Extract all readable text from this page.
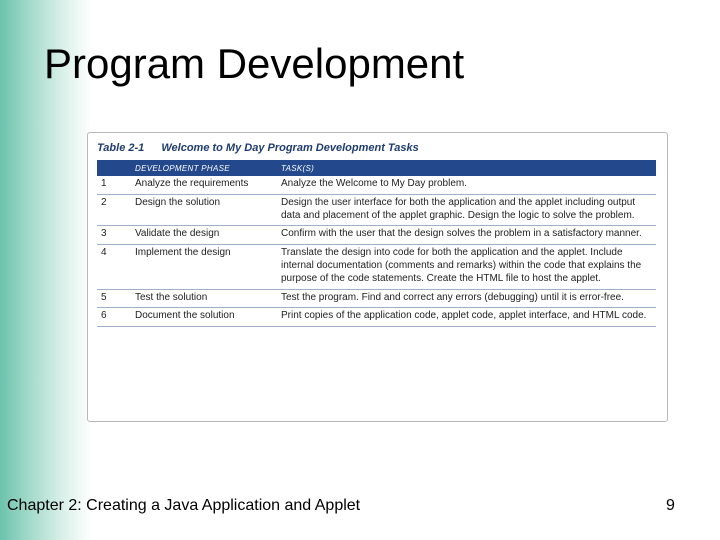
Program Development
Table 2-1 Welcome to My Day Program Development Tasks
	DEVELOPMENT PHASE	TASK(S)
1	Analyze the requirements	Analyze the Welcome to My Day problem.
2	Design the solution	Design the user interface for both the application and the applet including output data and placement of the applet graphic. Design the logic to solve the problem.
3	Validate the design	Confirm with the user that the design solves the problem in a satisfactory manner.
4	Implement the design	Translate the design into code for both the application and the applet. Include internal documentation (comments and remarks) within the code that explains the purpose of the code statements. Create the HTML file to host the applet.
5	Test the solution	Test the program. Find and correct any errors (debugging) until it is error-free.
6	Document the solution	Print copies of the application code, applet code, applet interface, and HTML code.
Chapter 2: Creating a Java Application and Applet	9
